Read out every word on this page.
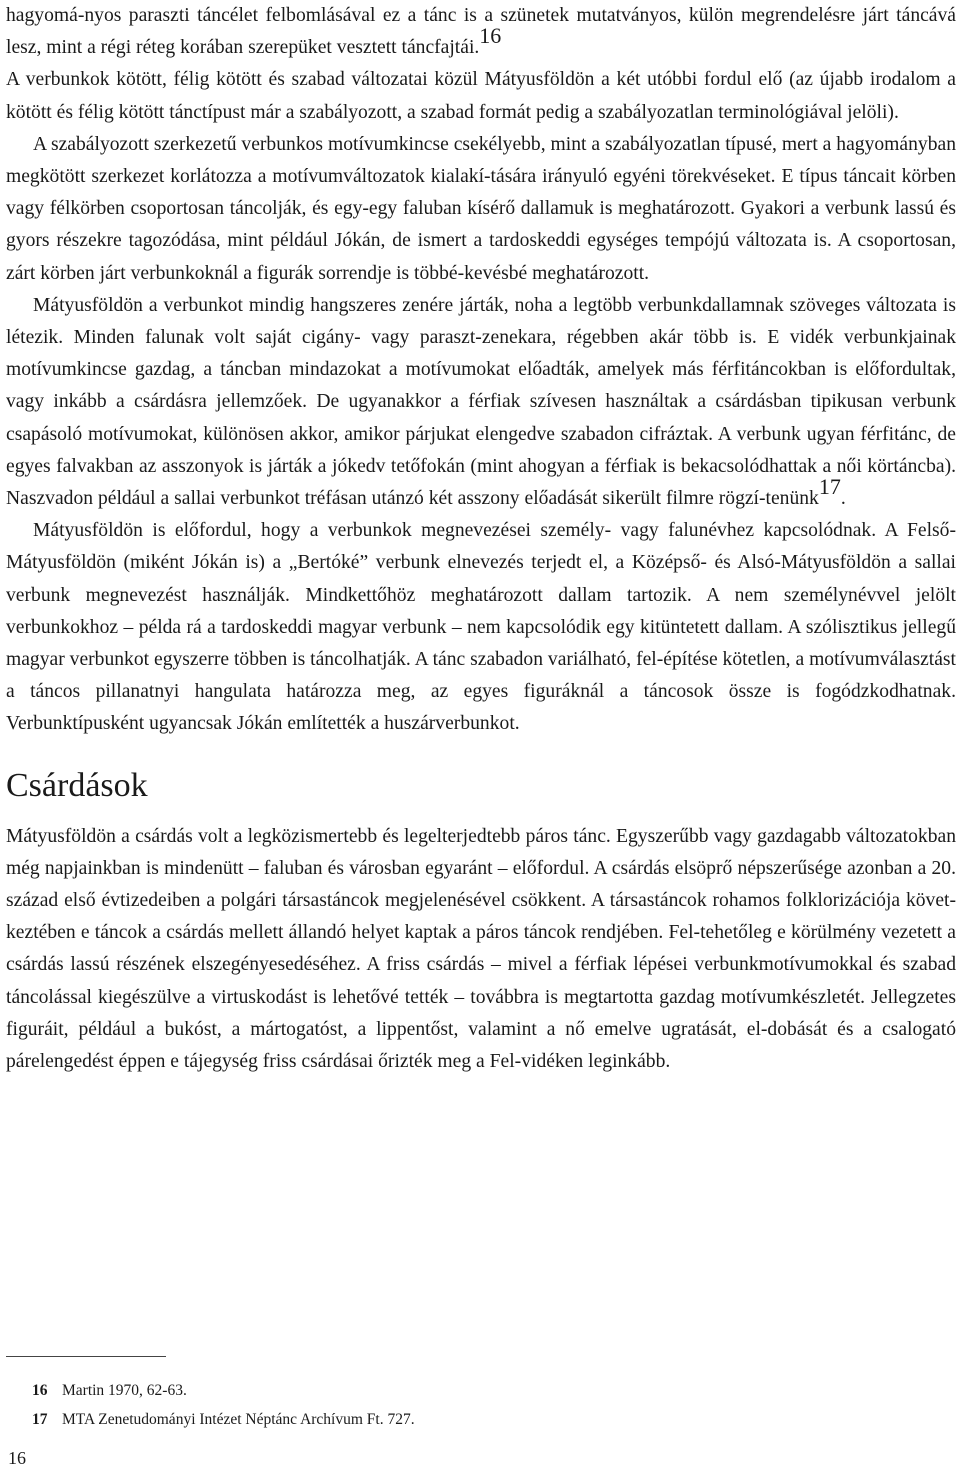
hagyomá-nyos paraszti táncélet felbomlásával ez a tánc is a szünetek mutatványos, külön megrendelésre járt táncává lesz, mint a régi réteg korában szerepüket vesztett táncfajtái.16

A verbunkok kötött, félig kötött és szabad változatai közül Mátyusföldön a két utóbbi fordul elő (az újabb irodalom a kötött és félig kötött tánctípust már a szabályozott, a szabad formát pedig a szabályozatlan terminológiával jelöli).

A szabályozott szerkezetű verbunkos motívumkincse csekélyebb, mint a szabályozatlan típusé, mert a hagyományban megkötött szerkezet korlátozza a motívumváltozatok kialakí-tására irányuló egyéni törekvéseket. E típus táncait körben vagy félkörben csoportosan táncolják, és egy-egy faluban kísérő dallamuk is meghatározott. Gyakori a verbunk lassú és gyors részekre tagozódása, mint például Jókán, de ismert a tardoskeddi egységes tempójú változata is. A csoportosan, zárt körben járt verbunkoknál a figurák sorrendje is többé-kevésbé meghatározott.

Mátyusföldön a verbunkot mindig hangszeres zenére járták, noha a legtöbb verbunkdallamnak szöveges változata is létezik. Minden falunak volt saját cigány- vagy paraszt-zenekara, régebben akár több is. E vidék verbunkjainak motívumkincse gazdag, a táncban mindazokat a motívumokat előadták, amelyek más férfitáncokban is előfordultak, vagy inkább a csárdásra jellemzőek. De ugyanakkor a férfiak szívesen használtak a csárdásban tipikusan verbunk csapásoló motívumokat, különösen akkor, amikor párjukat elengedve szabadon cifráztak. A verbunk ugyan férfitánc, de egyes falvakban az asszonyok is járták a jókedv tetőfokán (mint ahogyan a férfiak is bekacsolódhattak a női körtáncba). Naszvadon például a sallai verbunkot tréfásan utánzó két asszony előadását sikerült filmre rögzí-tenünk17.

Mátyusföldön is előfordul, hogy a verbunkok megnevezései személy- vagy falunévhez kapcsolódnak. A Felső-Mátyusföldön (miként Jókán is) a „Bertóké” verbunk elnevezés terjedt el, a Középső- és Alsó-Mátyusföldön a sallai verbunk megnevezést használják. Mindkettőhöz meghatározott dallam tartozik. A nem személynévvel jelölt verbunkokhoz – példa rá a tardoskeddi magyar verbunk – nem kapcsolódik egy kitüntetett dallam. A szólisztikus jellegű magyar verbunkot egyszerre többen is táncolhatják. A tánc szabadon variálható, fel-építése kötetlen, a motívumválasztást a táncos pillanatnyi hangulata határozza meg, az egyes figuráknál a táncosok össze is fogódzkodhatnak. Verbunktípusként ugyancsak Jókán említették a huszárverbunkot.

Csárdások

Mátyusföldön a csárdás volt a legközismertebb és legelterjedtebb páros tánc. Egyszerűbb vagy gazdagabb változatokban még napjainkban is mindenütt – faluban és városban egyaránt – előfordul. A csárdás elsöprő népszerűsége azonban a 20. század első évtizedeiben a polgári társastáncok megjelenésével csökkent. A társastáncok rohamos folklorizációja követ-keztében e táncok a csárdás mellett állandó helyet kaptak a páros táncok rendjében. Fel-tehetőleg e körülmény vezetett a csárdás lassú részének elszegényesedéséhez. A friss csárdás – mivel a férfiak lépései verbunkmotívumokkal és szabad táncolással kiegészülve a virtuskodást is lehetővé tették – továbbra is megtartotta gazdag motívumkészletét. Jellegzetes figuráit, például a bukóst, a mártogatóst, a lippentőst, valamint a nő emelve ugratását, el-dobását és a csalogató párelengedést éppen e tájegység friss csárdásai őrizték meg a Fel-vidéken leginkább.

16 Martin 1970, 62-63.
17 MTA Zenetudományi Intézet Néptánc Archívum Ft. 727.
16
